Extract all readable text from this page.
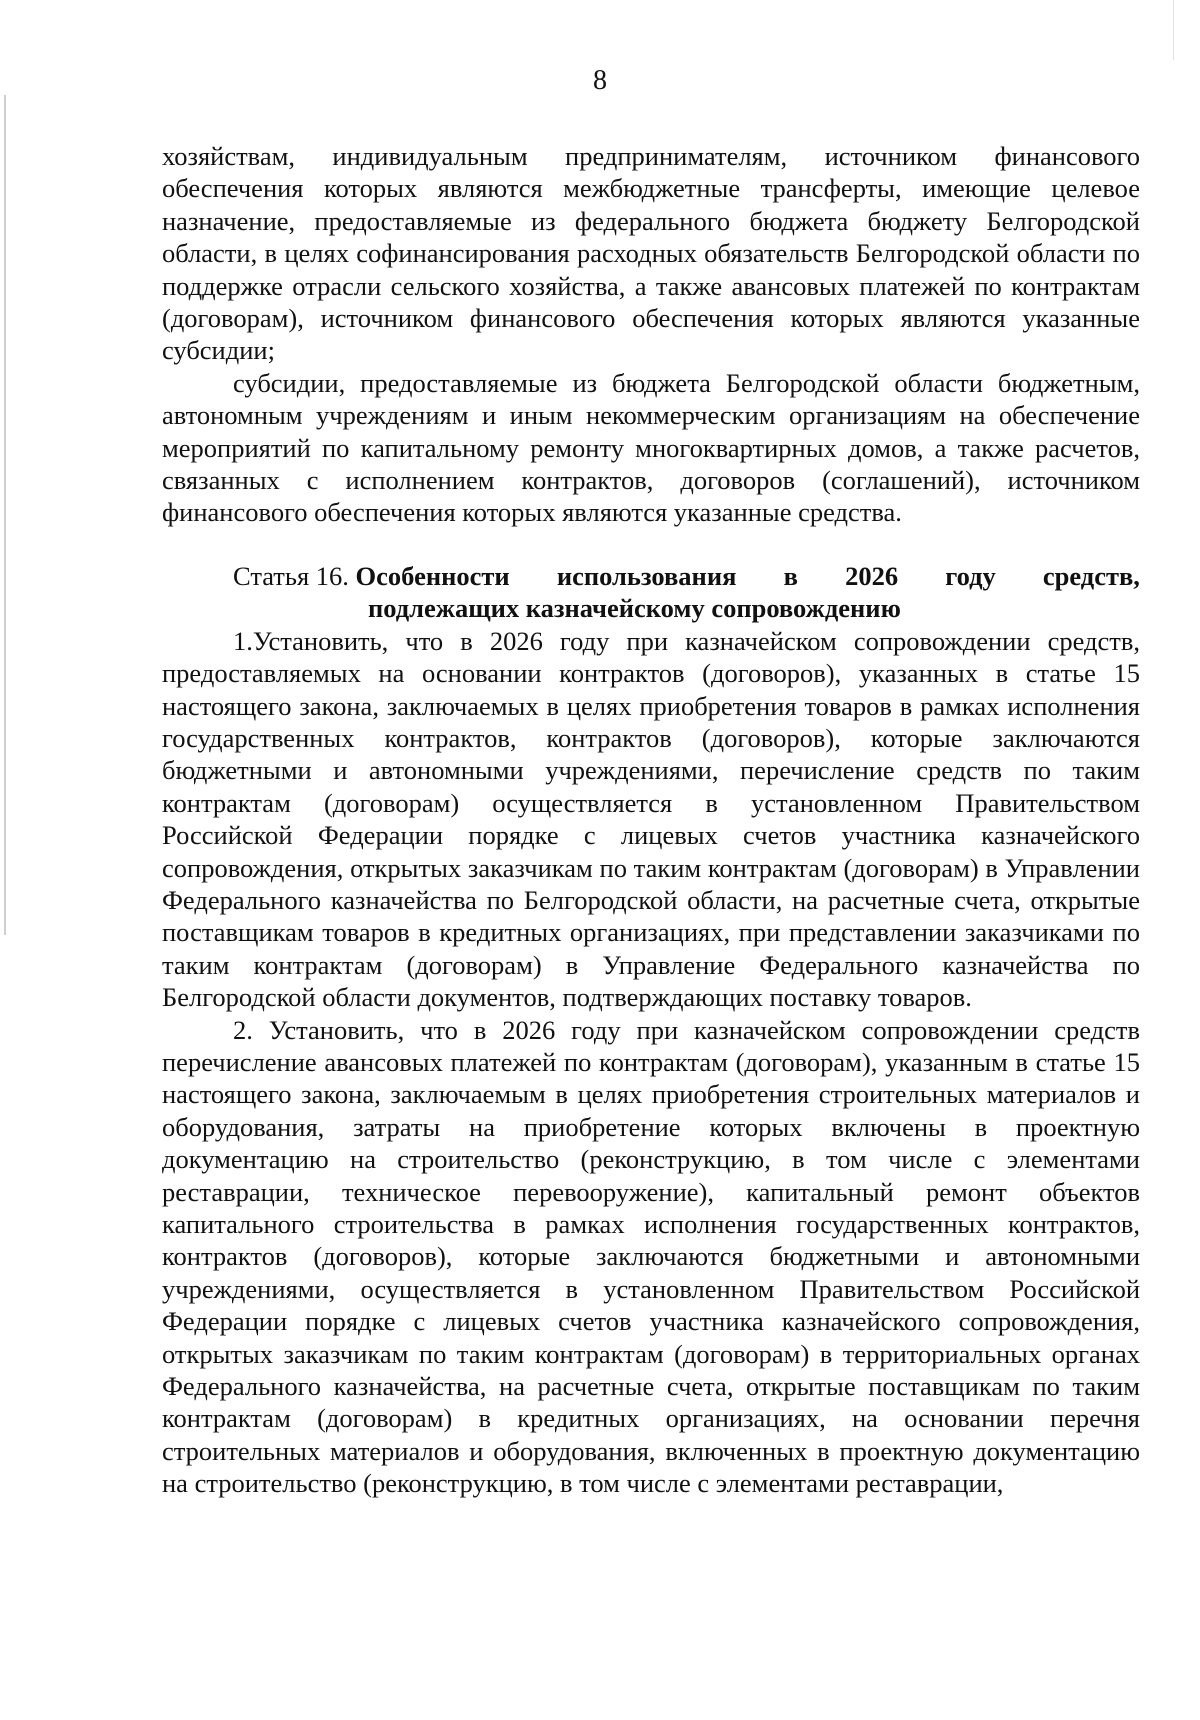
8

хозяйствам, индивидуальным предпринимателям, источником финансового обеспечения которых являются межбюджетные трансферты, имеющие целевое назначение, предоставляемые из федерального бюджета бюджету Белгородской области, в целях софинансирования расходных обязательств Белгородской области по поддержке отрасли сельского хозяйства, а также авансовых платежей по контрактам (договорам), источником финансового обеспечения которых являются указанные субсидии;

субсидии, предоставляемые из бюджета Белгородской области бюджетным, автономным учреждениям и иным некоммерческим организациям на обеспечение мероприятий по капитальному ремонту многоквартирных домов, а также расчетов, связанных с исполнением контрактов, договоров (соглашений), источником финансового обеспечения которых являются указанные средства.

Статья 16. Особенности использования в 2026 году средств,
подлежащих казначейскому сопровождению

1.Установить, что в 2026 году при казначейском сопровождении средств, предоставляемых на основании контрактов (договоров), указанных в статье 15 настоящего закона, заключаемых в целях приобретения товаров в рамках исполнения государственных контрактов, контрактов (договоров), которые заключаются бюджетными и автономными учреждениями, перечисление средств по таким контрактам (договорам) осуществляется в установленном Правительством Российской Федерации порядке с лицевых счетов участника казначейского сопровождения, открытых заказчикам по таким контрактам (договорам) в Управлении Федерального казначейства по Белгородской области, на расчетные счета, открытые поставщикам товаров в кредитных организациях, при представлении заказчиками по таким контрактам (договорам) в Управление Федерального казначейства по Белгородской области документов, подтверждающих поставку товаров.

2. Установить, что в 2026 году при казначейском сопровождении средств перечисление авансовых платежей по контрактам (договорам), указанным в статье 15 настоящего закона, заключаемым в целях приобретения строительных материалов и оборудования, затраты на приобретение которых включены в проектную документацию на строительство (реконструкцию, в том числе с элементами реставрации, техническое перевооружение), капитальный ремонт объектов капитального строительства в рамках исполнения государственных контрактов, контрактов (договоров), которые заключаются бюджетными и автономными учреждениями, осуществляется в установленном Правительством Российской Федерации порядке с лицевых счетов участника казначейского сопровождения, открытых заказчикам по таким контрактам (договорам) в территориальных органах Федерального казначейства, на расчетные счета, открытые поставщикам по таким контрактам (договорам) в кредитных организациях, на основании перечня строительных материалов и оборудования, включенных в проектную документацию на строительство (реконструкцию, в том числе с элементами реставрации,
